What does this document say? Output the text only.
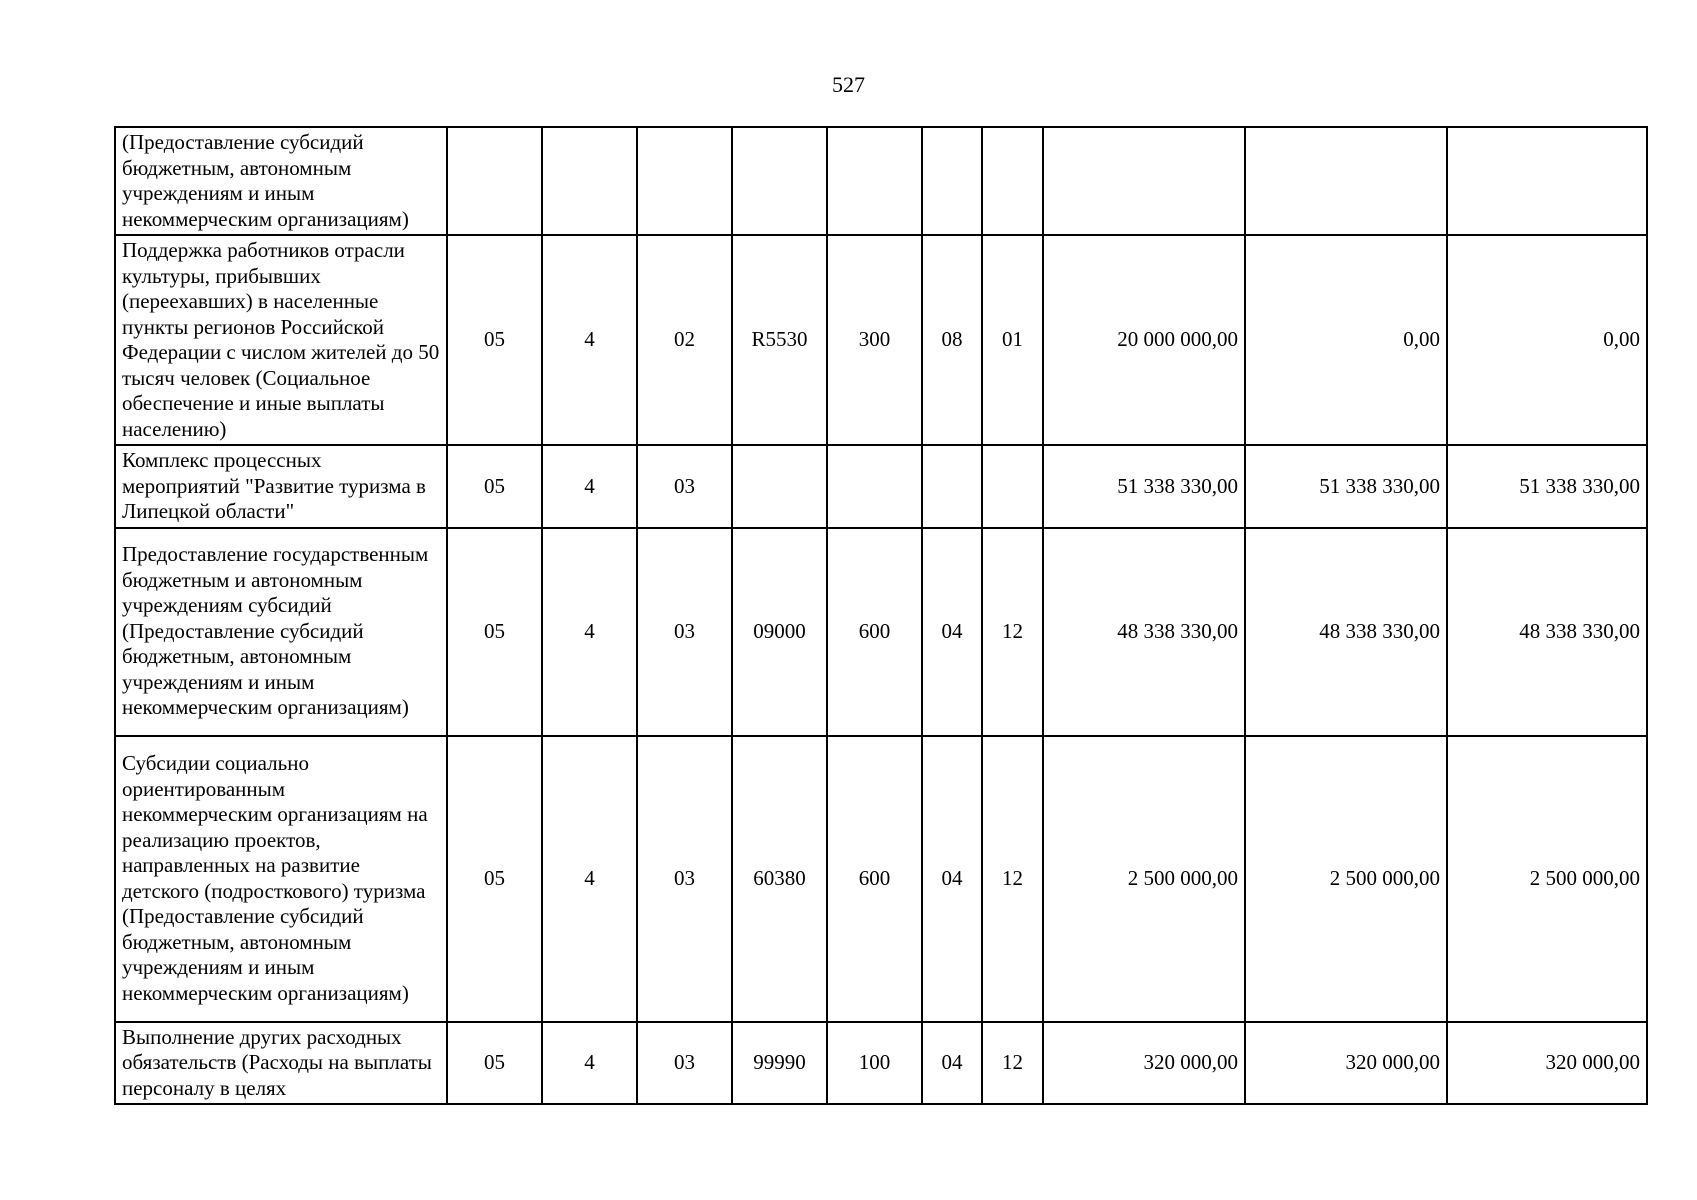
527
(Предоставление субсидий бюджетным, автономным учреждениям и иным некоммерческим организациям)										
Поддержка работников отрасли культуры, прибывших (переехавших) в населенные пункты регионов Российской Федерации с числом жителей до 50 тысяч человек (Социальное обеспечение и иные выплаты населению)	05	4	02	R5530	300	08	01	20 000 000,00	0,00	0,00
Комплекс процессных мероприятий "Развитие туризма в Липецкой области"	05	4	03					51 338 330,00	51 338 330,00	51 338 330,00
Предоставление государственным бюджетным и автономным учреждениям субсидий (Предоставление субсидий бюджетным, автономным учреждениям и иным некоммерческим организациям)	05	4	03	09000	600	04	12	48 338 330,00	48 338 330,00	48 338 330,00
Субсидии социально ориентированным некоммерческим организациям на реализацию проектов, направленных на развитие детского (подросткового) туризма (Предоставление субсидий бюджетным, автономным учреждениям и иным некоммерческим организациям)	05	4	03	60380	600	04	12	2 500 000,00	2 500 000,00	2 500 000,00
Выполнение других расходных обязательств (Расходы на выплаты персоналу в целях	05	4	03	99990	100	04	12	320 000,00	320 000,00	320 000,00
